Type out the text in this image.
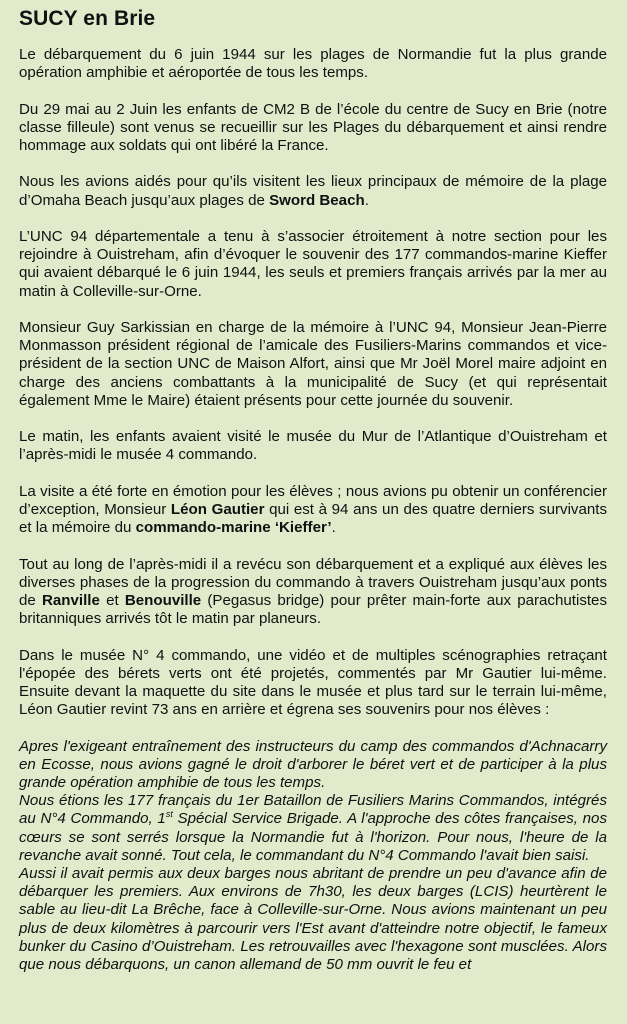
SUCY en Brie

Le débarquement du 6 juin 1944 sur les plages de Normandie fut la plus grande opération amphibie et aéroportée de tous les temps.

Du 29 mai au 2 Juin les enfants de CM2 B de l’école du centre de Sucy en Brie (notre classe filleule) sont venus se recueillir sur les Plages du débarquement et ainsi rendre hommage aux soldats qui ont libéré la France.

Nous les avions aidés pour qu’ils visitent les lieux principaux de mémoire de la plage d’Omaha Beach jusqu’aux plages de Sword Beach.

L’UNC 94 départementale a tenu à s’associer étroitement à notre section pour les rejoindre à Ouistreham, afin d’évoquer le souvenir des 177 commandos-marine Kieffer qui avaient débarqué le 6 juin 1944, les seuls et premiers français arrivés par la mer au matin à Colleville-sur-Orne.

Monsieur Guy Sarkissian en charge de la mémoire à l’UNC 94, Monsieur Jean-Pierre Monmasson président régional de l’amicale des Fusiliers-Marins commandos et vice-président de la section UNC de Maison Alfort, ainsi que Mr Joël Morel maire adjoint en charge des anciens combattants à la municipalité de Sucy (et qui représentait également Mme le Maire) étaient présents pour cette journée du souvenir.

Le matin, les enfants avaient visité le musée du Mur de l’Atlantique d’Ouistreham et l’après-midi le musée 4 commando.

La visite a été forte en émotion pour les élèves ; nous avions pu obtenir un conférencier d’exception, Monsieur Léon Gautier qui est à 94 ans un des quatre derniers survivants et la mémoire du commando-marine ‘Kieffer’.

Tout au long de l’après-midi il a revécu son débarquement et a expliqué aux élèves les diverses phases de la progression du commando à travers Ouistreham jusqu’aux ponts de Ranville et Benouville (Pegasus bridge) pour prêter main-forte aux parachutistes britanniques arrivés tôt le matin par planeurs.

Dans le musée N° 4 commando, une vidéo et de multiples scénographies retraçant l'épopée des bérets verts ont été projetés, commentés par Mr Gautier lui-même. Ensuite devant la maquette du site dans le musée et plus tard sur le terrain lui-même, Léon Gautier revint 73 ans en arrière et égrena ses souvenirs pour nos élèves :

Apres l'exigeant entraînement des instructeurs du camp des commandos d'Achnacarry en Ecosse, nous avions gagné le droit d'arborer le béret vert et de participer à la plus grande opération amphibie de tous les temps.

Nous étions les 177 français du 1er Bataillon de Fusiliers Marins Commandos, intégrés au N°4 Commando, 1st Spécial Service Brigade. A l'approche des côtes françaises, nos cœurs se sont serrés lorsque la Normandie fut à l'horizon. Pour nous, l'heure de la revanche avait sonné. Tout cela, le commandant du N°4 Commando l'avait bien saisi.

Aussi il avait permis aux deux barges nous abritant de prendre un peu d'avance afin de débarquer les premiers. Aux environs de 7h30, les deux barges (LCIS) heurtèrent le sable au lieu-dit La Brêche, face à Colleville-sur-Orne. Nous avions maintenant un peu plus de deux kilomètres à parcourir vers l'Est avant d'atteindre notre objectif, le fameux bunker du Casino d’Ouistreham. Les retrouvailles avec l'hexagone sont musclées. Alors que nous débarquons, un canon allemand de 50 mm ouvrit le feu et
